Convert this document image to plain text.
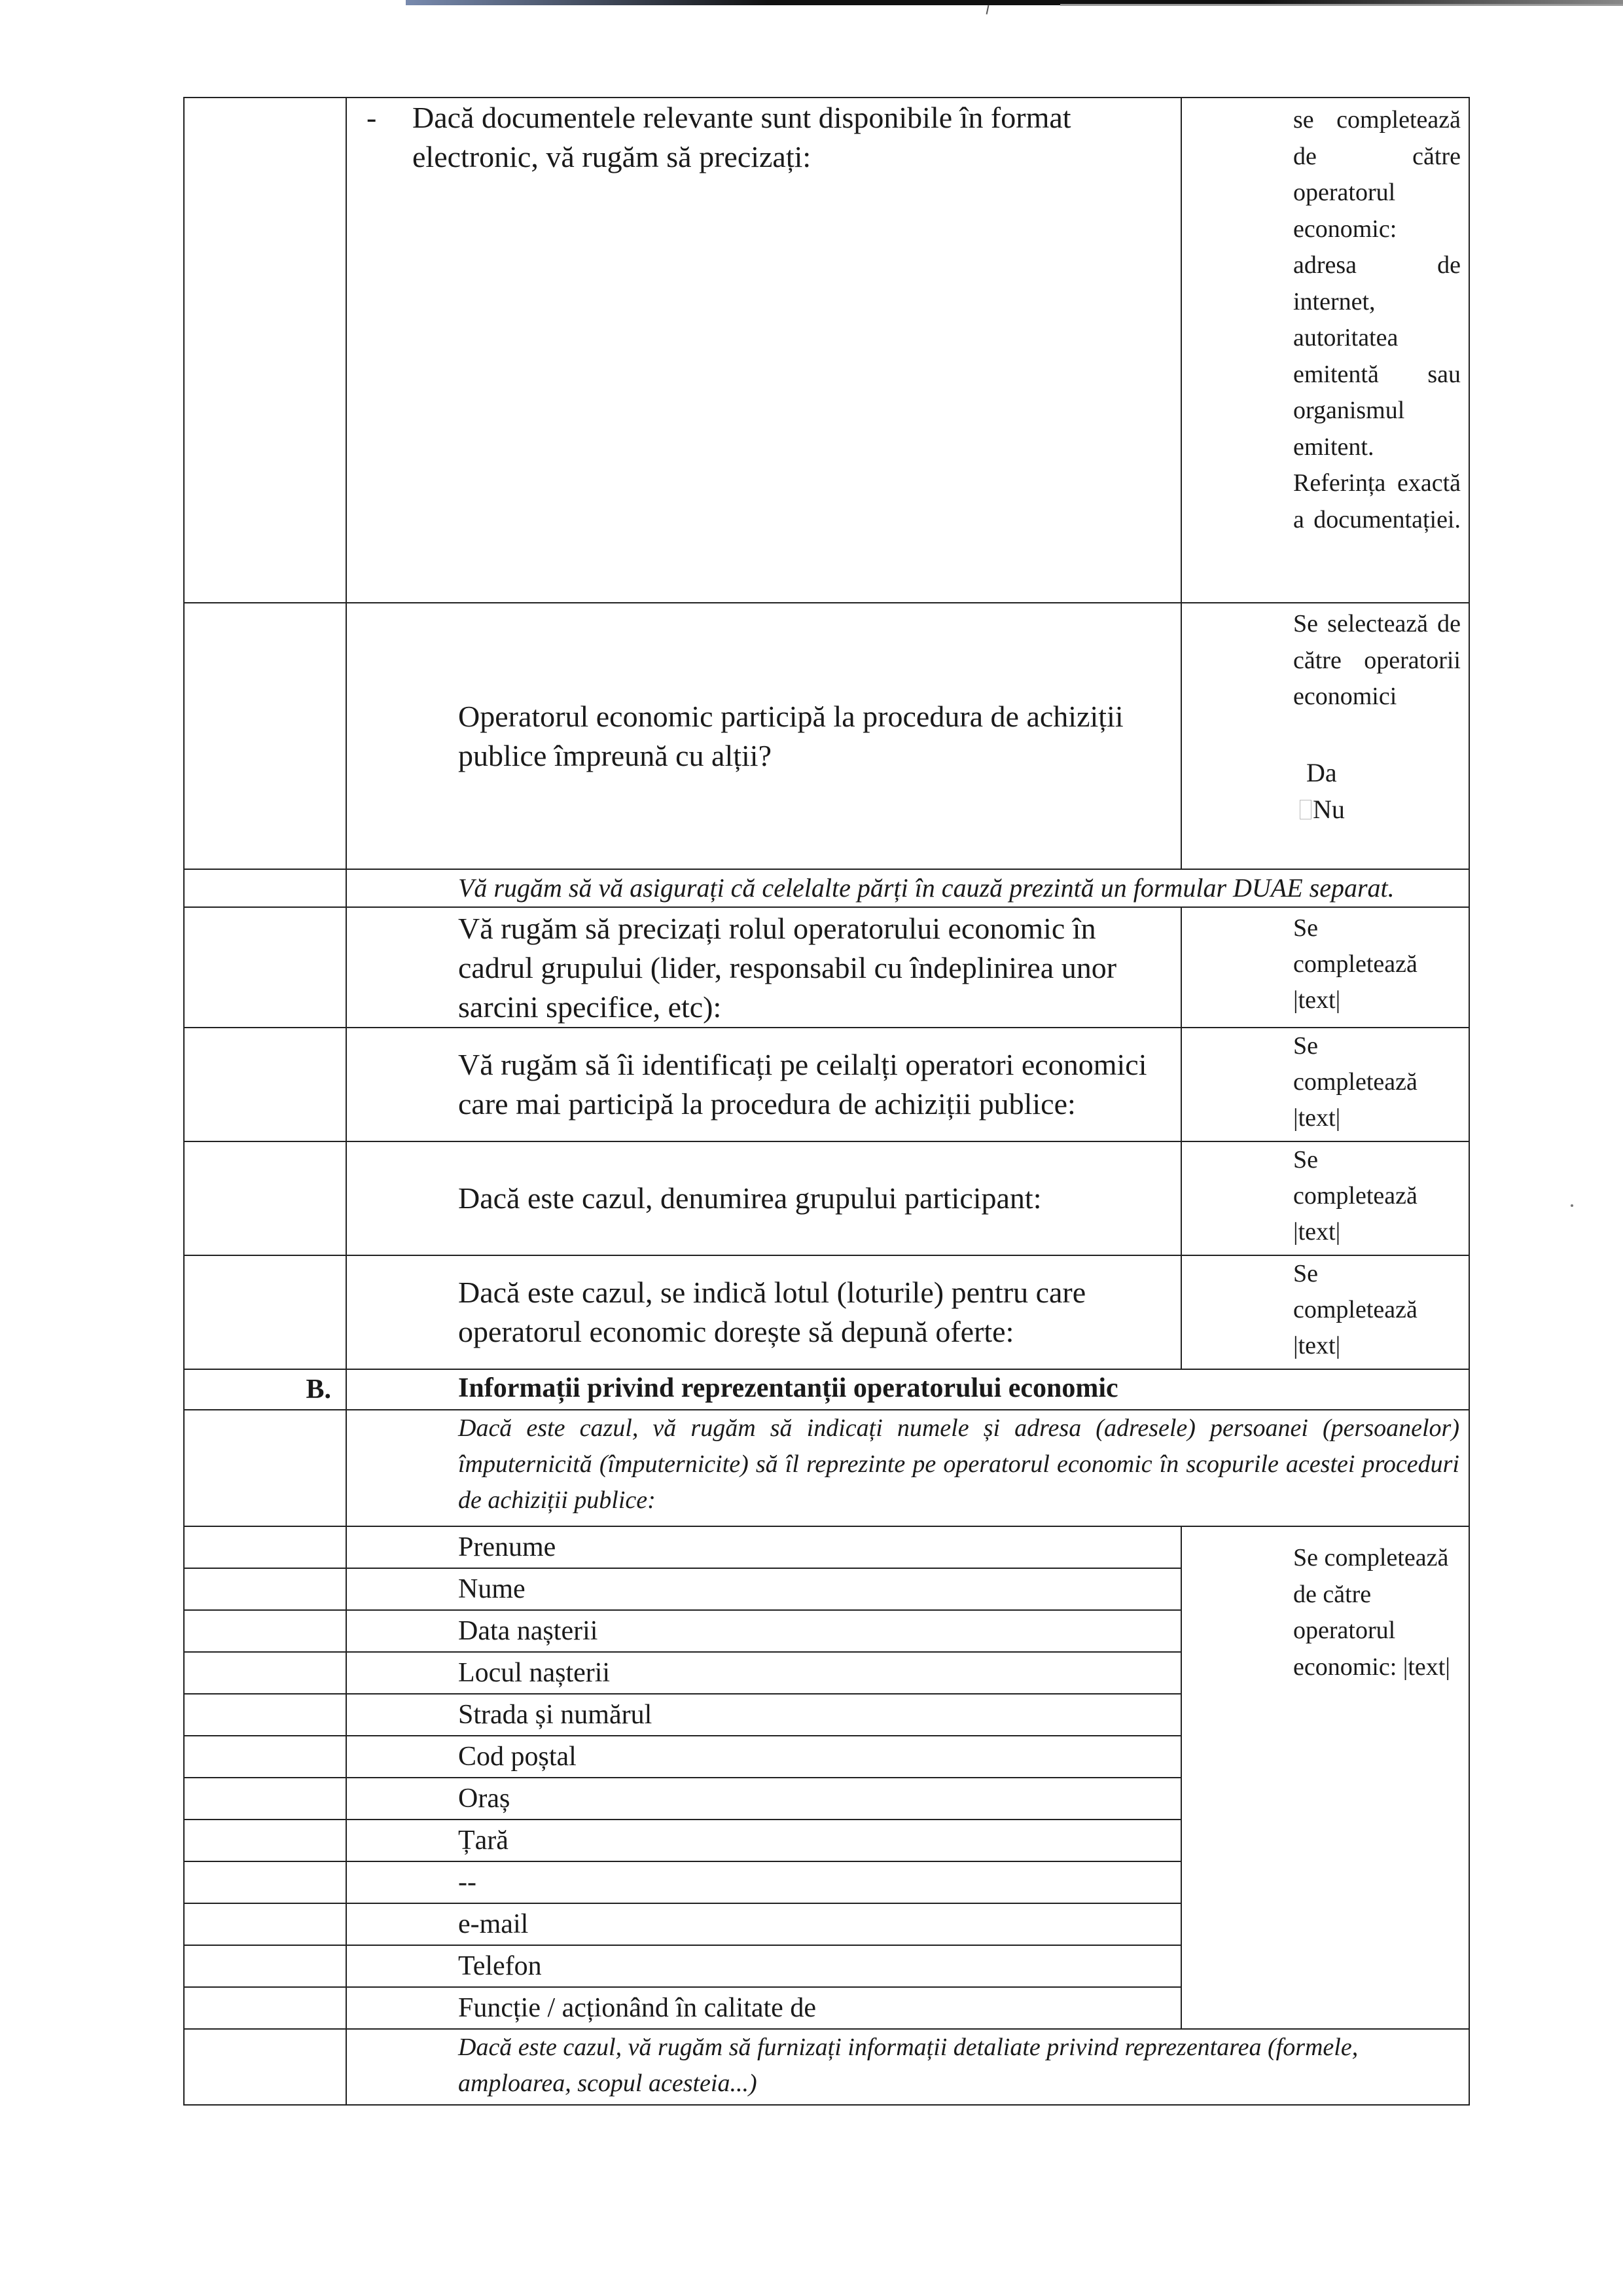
	- Dacă documentele relevante sunt disponibile în format electronic, vă rugăm să precizați:	se completează de către operatorul economic: adresa de internet, autoritatea emitentă sau organismul emitent. Referința exactă a documentației.

	Operatorul economic participă la procedura de achiziții publice împreună cu alții?	Se selectează de către operatorii economici
Da
Nu

	Vă rugăm să vă asigurați că celelalte părți în cauză prezintă un formular DUAE separat.	

	Vă rugăm să precizați rolul operatorului economic în cadrul grupului (lider, responsabil cu îndeplinirea unor sarcini specifice, etc):	Se
completează
|text|

	Vă rugăm să îi identificați pe ceilalți operatori economici care mai participă la procedura de achiziții publice:	Se
completează
|text|

	Dacă este cazul, denumirea grupului participant:	Se
completează
|text|

	Dacă este cazul, se indică lotul (loturile) pentru care operatorul economic dorește să depună oferte:	Se
completează
|text|

B.	Informații privind reprezentanții operatorului economic	

	Dacă este cazul, vă rugăm să indicați numele și adresa (adresele) persoanei (persoanelor) împuternicită (împuternicite) să îl reprezinte pe operatorul economic în scopurile acestei proceduri de achiziții publice:	

	Prenume	Se completează de către operatorul economic: |text|

	Nume	
	Data nașterii	
	Locul nașterii	
	Strada și numărul	
	Cod poștal	
	Oraș	
	Țară	
	--	
	e-mail	
	Telefon	
	Funcție / acționând în calitate de	

	Dacă este cazul, vă rugăm să furnizați informații detaliate privind reprezentarea (formele, amploarea, scopul acesteia...)	
